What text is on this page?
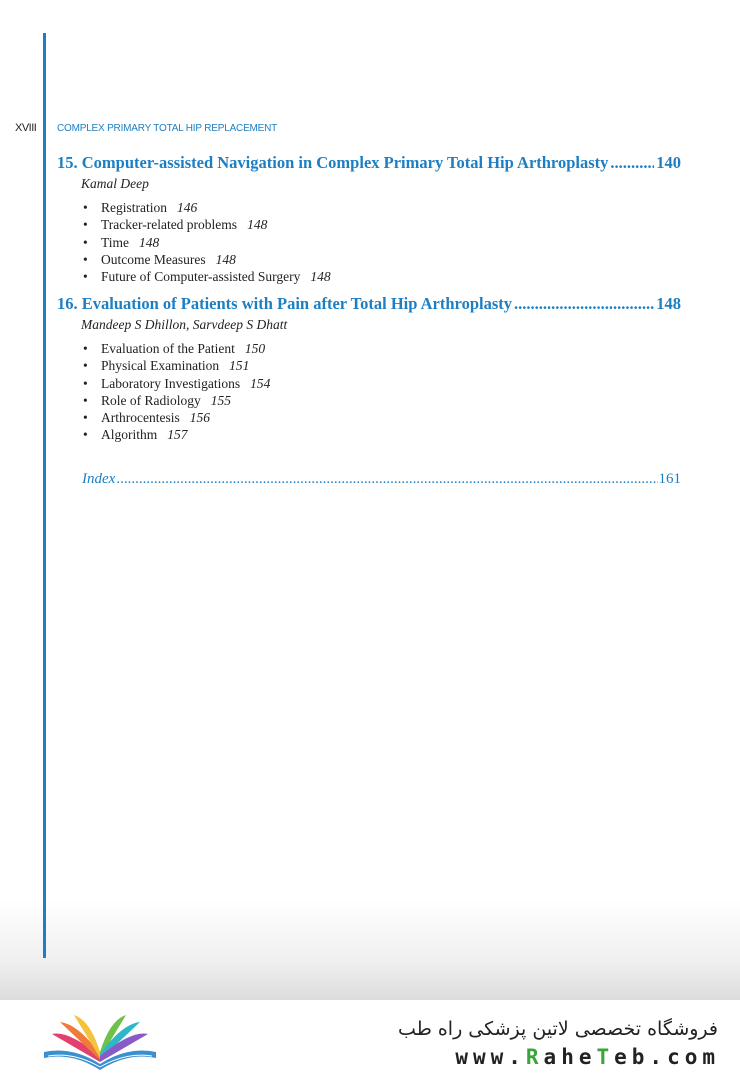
XVIII COMPLEX PRIMARY TOTAL HIP REPLACEMENT
15. Computer-assisted Navigation in Complex Primary Total Hip Arthroplasty .....	140
Kamal Deep
• Registration 146
• Tracker-related problems 148
• Time 148
• Outcome Measures 148
• Future of Computer-assisted Surgery 148
16. Evaluation of Patients with Pain after Total Hip Arthroplasty .....	148
Mandeep S Dhillon, Sarvdeep S Dhatt
• Evaluation of the Patient 150
• Physical Examination 151
• Laboratory Investigations 154
• Role of Radiology 155
• Arthrocentesis 156
• Algorithm 157
Index .....	161
فروشگاه تخصصی لاتین پزشکی راه طب
www.RaheTeb.com
